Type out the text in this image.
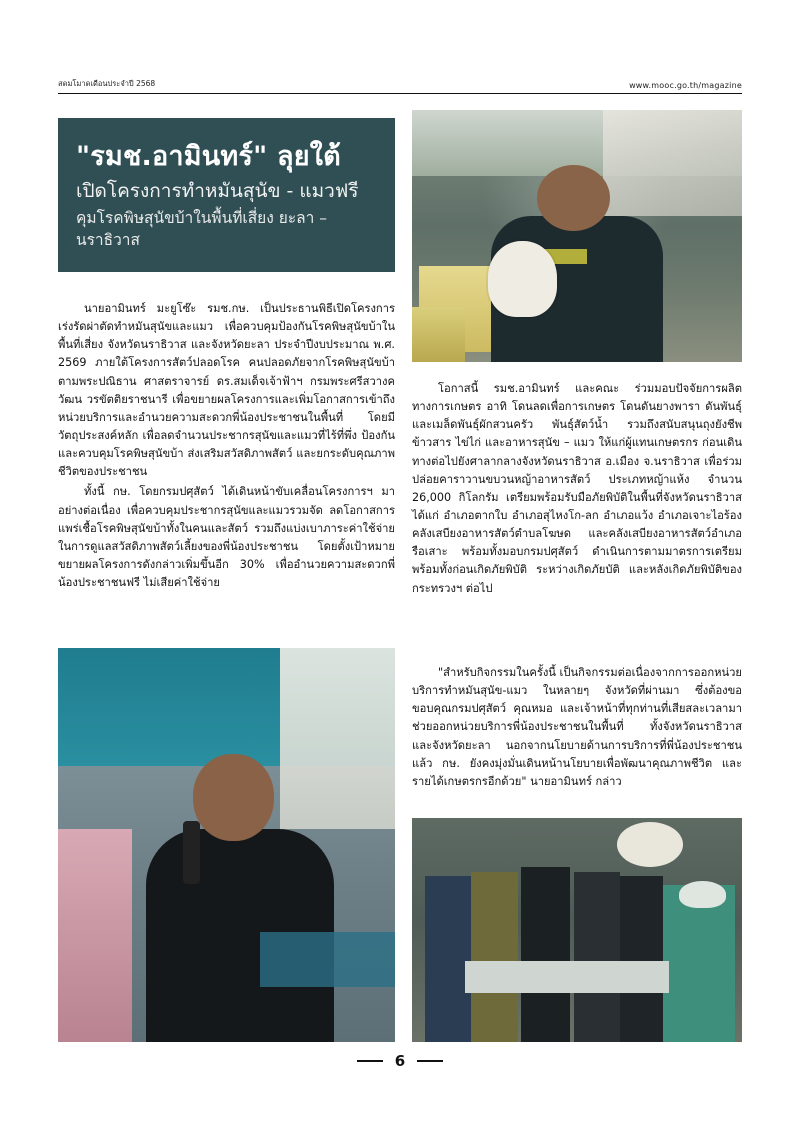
สดมโมาดเดือนประจำปี 2568	www.mooc.go.th/magazine
"รมช.อามินทร์" ลุยใต้
เปิดโครงการทำหมันสุนัข - แมวฟรี
คุมโรคพิษสุนัขบ้าในพื้นที่เสี่ยง ยะลา – นราธิวาส

นายอามินทร์ มะยูโซ๊ะ รมช.กษ. เป็นประธานพิธีเปิดโครงการเร่งรัดผ่าตัดทำหมันสุนัขและแมว เพื่อควบคุมป้องกันโรคพิษสุนัขบ้าในพื้นที่เสี่ยง จังหวัดนราธิวาส และจังหวัดยะลา ประจำปีงบประมาณ พ.ศ. 2569 ภายใต้โครงการสัตว์ปลอดโรค คนปลอดภัยจากโรคพิษสุนัขบ้า ตามพระปณิธาน ศาสตราจารย์ ดร.สมเด็จเจ้าฟ้าฯ กรมพระศรีสวางควัฒน วรขัตติยราชนารี เพื่อขยายผลโครงการและเพิ่มโอกาสการเข้าถึงหน่วยบริการและอำนวยความสะดวกพี่น้องประชาชนในพื้นที่ โดยมีวัตถุประสงค์หลัก เพื่อลดจำนวนประชากรสุนัขและแมวที่ไร้ที่พึ่ง ป้องกันและควบคุมโรคพิษสุนัขบ้า ส่งเสริมสวัสดิภาพสัตว์ และยกระดับคุณภาพชีวิตของประชาชน

ทั้งนี้ กษ. โดยกรมปศุสัตว์ ได้เดินหน้าขับเคลื่อนโครงการฯ มาอย่างต่อเนื่อง เพื่อควบคุมประชากรสุนัขและแมวรวมจัด ลดโอกาสการแพร่เชื้อโรคพิษสุนัขบ้าทั้งในคนและสัตว์ รวมถึงแบ่งเบาภาระค่าใช้จ่ายในการดูแลสวัสดิภาพสัตว์เลี้ยงของพี่น้องประชาชน โดยตั้งเป้าหมายขยายผลโครงการดังกล่าวเพิ่มขึ้นอีก 30% เพื่ออำนวยความสะดวกพี่น้องประชาชนฟรี ไม่เสียค่าใช้จ่าย

โอกาสนี้ รมช.อามินทร์ และคณะ ร่วมมอบปัจจัยการผลิตทางการเกษตร อาทิ โดนลดเพื่อการเกษตร โดนดันยางพารา ดันพันธุ์และเมล็ดพันธุ์ผักสวนครัว พันธุ์สัตว์น้ำ รวมถึงสนับสนุนถุงยังชีพ ข้าวสาร ไข่ไก่ และอาหารสุนัข – แมว ให้แก่ผู้แทนเกษตรกร ก่อนเดินทางต่อไปยังศาลากลางจังหวัดนราธิวาส อ.เมือง จ.นราธิวาส เพื่อร่วมปล่อยคาราวานขบวนหญ้าอาหารสัตว์ ประเภทหญ้าแห้ง จำนวน 26,000 กิโลกรัม เตรียมพร้อมรับมือภัยพิบัติในพื้นที่จังหวัดนราธิวาส ได้แก่ อำเภอตากใบ อำเภอสุไหงโก-ลก อำเภอแว้ง อำเภอเจาะไอร้อง คลังเสบียงอาหารสัตว์ตำบลโฆษด และคลังเสบียงอาหารสัตว์อำเภอรือเสาะ พร้อมทั้งมอบกรมปศุสัตว์ ดำเนินการตามมาตรการเตรียมพร้อมทั้งก่อนเกิดภัยพิบัติ ระหว่างเกิดภัยบัติ และหลังเกิดภัยพิบัติของกระทรวงฯ ต่อไป

"สำหรับกิจกรรมในครั้งนี้ เป็นกิจกรรมต่อเนื่องจากการออกหน่วยบริการทำหมันสุนัข-แมว ในหลายๆ จังหวัดที่ผ่านมา ซึ่งต้องขอขอบคุณกรมปศุสัตว์ คุณหมอ และเจ้าหน้าที่ทุกท่านที่เสียสละเวลามาช่วยออกหน่วยบริการพี่น้องประชาชนในพื้นที่ ทั้งจังหวัดนราธิวาส และจังหวัดยะลา นอกจากนโยบายด้านการบริการที่พี่น้องประชาชนแล้ว กษ. ยังคงมุ่งมั่นเดินหน้านโยบายเพื่อพัฒนาคุณภาพชีวิต และรายได้เกษตรกรอีกด้วย" นายอามินทร์ กล่าว

6
